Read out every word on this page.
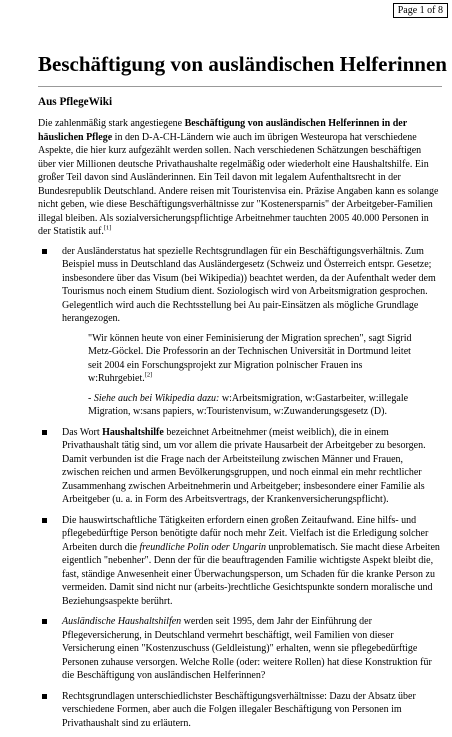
Page 1 of 8
Beschäftigung von ausländischen Helferinnen
Aus PflegeWiki

Die zahlenmäßig stark angestiegene Beschäftigung von ausländischen Helferinnen in der häuslichen Pflege in den D-A-CH-Ländern wie auch im übrigen Westeuropa hat verschiedene Aspekte, die hier kurz aufgezählt werden sollen. Nach verschiedenen Schätzungen beschäftigen über vier Millionen deutsche Privathaushalte regelmäßig oder wiederholt eine Haushaltshilfe. Ein großer Teil davon sind Ausländerinnen. Ein Teil davon mit legalem Aufenthaltsrecht in der Bundesrepublik Deutschland. Andere reisen mit Touristenvisa ein. Präzise Angaben kann es solange nicht geben, wie diese Beschäftigungsverhältnisse zur "Kostenersparnis" der Arbeitgeber-Familien illegal bleiben. Als sozialversicherungspflichtige Arbeitnehmer tauchten 2005 40.000 Personen in der Statistik auf.[1]

der Ausländerstatus hat spezielle Rechtsgrundlagen für ein Beschäftigungsverhältnis. Zum Beispiel muss in Deutschland das Ausländergesetz (Schweiz und Österreich entspr. Gesetze; insbesondere über das Visum (bei Wikipedia)) beachtet werden, da der Aufenthalt weder dem Tourismus noch einem Studium dient. Soziologisch wird von Arbeitsmigration gesprochen. Gelegentlich wird auch die Rechtsstellung bei Au pair-Einsätzen als mögliche Grundlage herangezogen.
"Wir können heute von einer Feminisierung der Migration sprechen", sagt Sigrid Metz-Göckel. Die Professorin an der Technischen Universität in Dortmund leitet seit 2004 ein Forschungsprojekt zur Migration polnischer Frauen ins w:Ruhrgebiet.[2]
- Siehe auch bei Wikipedia dazu: w:Arbeitsmigration, w:Gastarbeiter, w:illegale Migration, w:sans papiers, w:Touristenvisum, w:Zuwanderungsgesetz (D).
Das Wort Haushaltshilfe bezeichnet Arbeitnehmer (meist weiblich), die in einem Privathaushalt tätig sind, um vor allem die private Hausarbeit der Arbeitgeber zu besorgen. Damit verbunden ist die Frage nach der Arbeitsteilung zwischen Männer und Frauen, zwischen reichen und armen Bevölkerungsgruppen, und noch einmal ein mehr rechtlicher Zusammenhang zwischen Arbeitnehmerin und Arbeitgeber; insbesondere einer Familie als Arbeitgeber (u. a. in Form des Arbeitsvertrags, der Krankenversicherungspflicht).
Die hauswirtschaftliche Tätigkeiten erfordern einen großen Zeitaufwand. Eine hilfs- und pflegebedürftige Person benötigte dafür noch mehr Zeit. Vielfach ist die Erledigung solcher Arbeiten durch die freundliche Polin oder Ungarin unproblematisch. Sie macht diese Arbeiten eigentlich "nebenher". Denn der für die beauftragenden Familie wichtigste Aspekt bleibt die, fast, ständige Anwesenheit einer Überwachungsperson, um Schaden für die kranke Person zu vermeiden. Damit sind nicht nur (arbeits-)rechtliche Gesichtspunkte sondern moralische und Beziehungsaspekte berührt.
Ausländische Haushaltshilfen werden seit 1995, dem Jahr der Einführung der Pflegeversicherung, in Deutschland vermehrt beschäftigt, weil Familien von dieser Versicherung einen "Kostenzuschuss (Geldleistung)" erhalten, wenn sie pflegebedürftige Personen zuhause versorgen. Welche Rolle (oder: weitere Rollen) hat diese Konstruktion für die Beschäftigung von ausländischen Helferinnen?
Rechtsgrundlagen unterschiedlichster Beschäftigungsverhältnisse: Dazu der Absatz über verschiedene Formen, aber auch die Folgen illegaler Beschäftigung von Personen im Privathaushalt sind zu erläutern.
